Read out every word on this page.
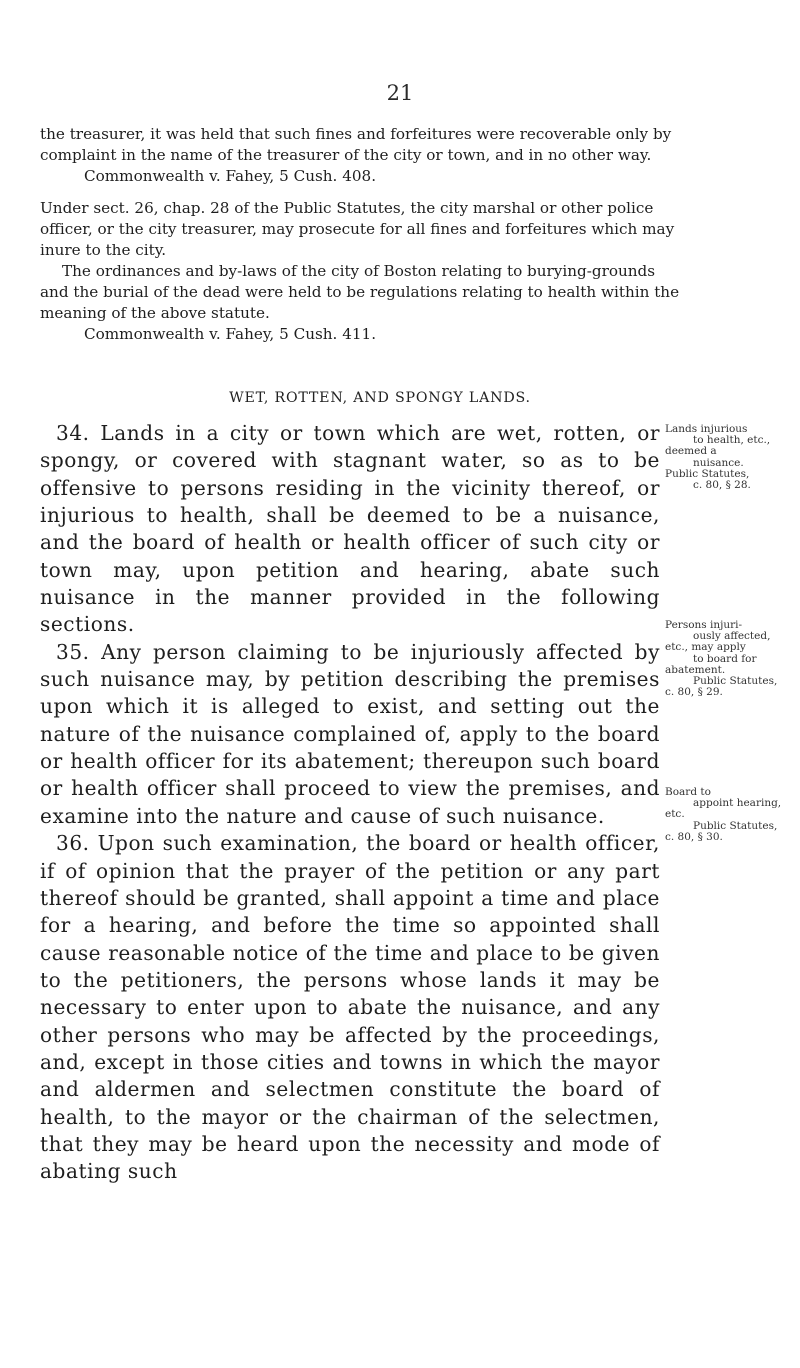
21

the treasurer, it was held that such fines and forfeitures were recoverable only by complaint in the name of the treasurer of the city or town, and in no other way.

Commonwealth v. Fahey, 5 Cush. 408.

Under sect. 26, chap. 28 of the Public Statutes, the city marshal or other police officer, or the city treasurer, may prosecute for all fines and forfeitures which may inure to the city.

The ordinances and by-laws of the city of Boston relating to burying-grounds and the burial of the dead were held to be regulations relating to health within the meaning of the above statute.

Commonwealth v. Fahey, 5 Cush. 411.

WET, ROTTEN, AND SPONGY LANDS.

34. Lands in a city or town which are wet, rotten, or spongy, or covered with stagnant water, so as to be offensive to persons residing in the vicinity thereof, or injurious to health, shall be deemed to be a nuisance, and the board of health or health officer of such city or town may, upon petition and hearing, abate such nuisance in the manner provided in the following sections.

35. Any person claiming to be injuriously affected by such nuisance may, by petition describing the premises upon which it is alleged to exist, and setting out the nature of the nuisance complained of, apply to the board or health officer for its abatement; thereupon such board or health officer shall proceed to view the premises, and examine into the nature and cause of such nuisance.

36. Upon such examination, the board or health officer, if of opinion that the prayer of the petition or any part thereof should be granted, shall appoint a time and place for a hearing, and before the time so appointed shall cause reasonable notice of the time and place to be given to the petitioners, the persons whose lands it may be necessary to enter upon to abate the nuisance, and any other persons who may be affected by the proceedings, and, except in those cities and towns in which the mayor and aldermen and selectmen constitute the board of health, to the mayor or the chairman of the selectmen, that they may be heard upon the necessity and mode of abating such

Lands injurious
to health, etc.,
deemed a
nuisance.
Public Statutes,
c. 80, § 28.
Persons injuri-
ously affected,
etc., may apply
to board for
abatement.
Public Statutes,
c. 80, § 29.
Board to
appoint hearing,
etc.
Public Statutes,
c. 80, § 30.
